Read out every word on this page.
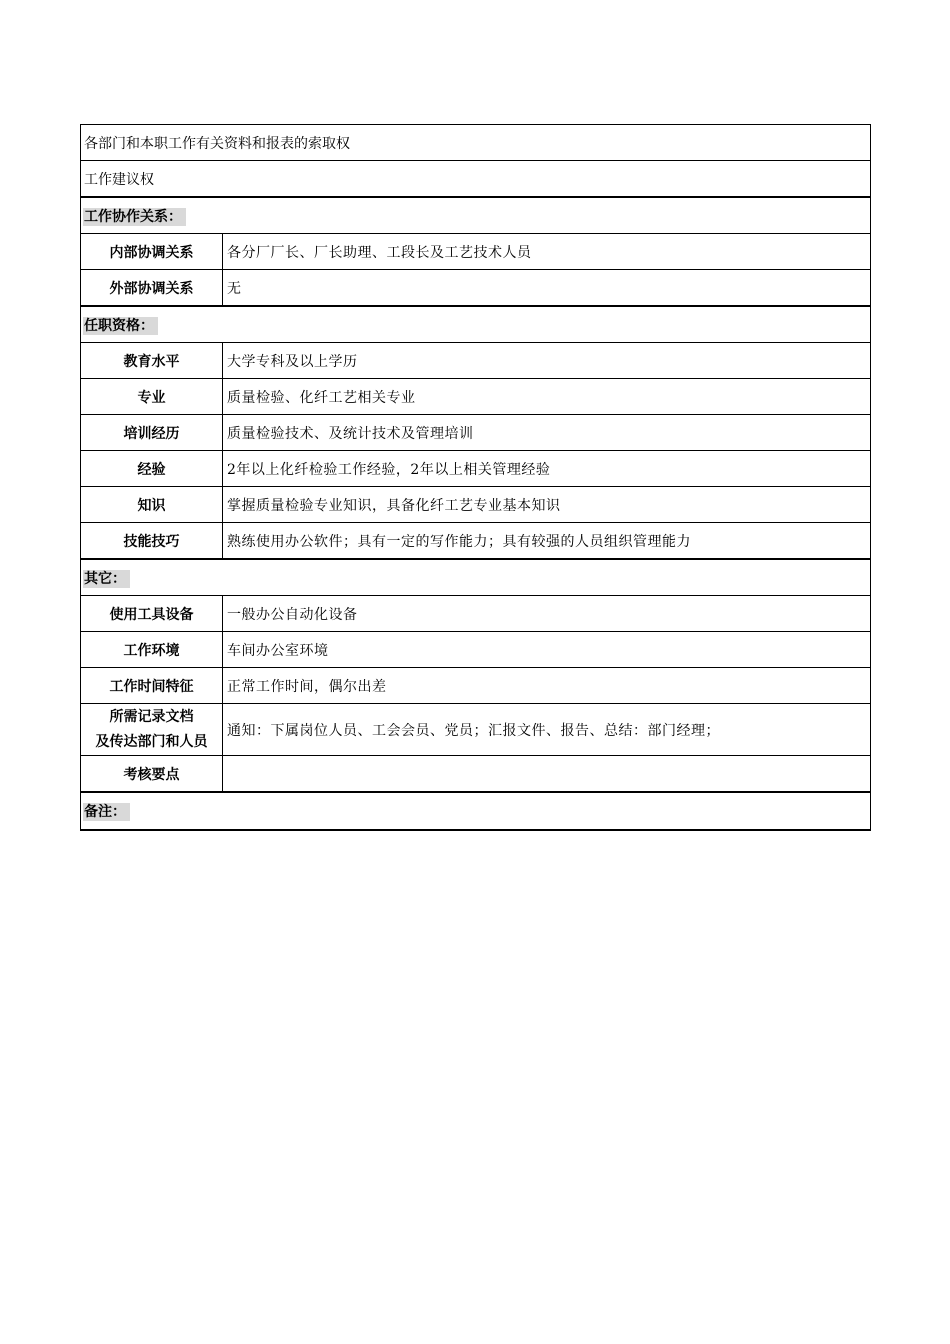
各部门和本职工作有关资料和报表的索取权	
工作建议权	
工作协作关系：	
内部协调关系	各分厂厂长、厂长助理、工段长及工艺技术人员
外部协调关系	无
任职资格：	
教育水平	大学专科及以上学历
专业	质量检验、化纤工艺相关专业
培训经历	质量检验技术、及统计技术及管理培训
经验	2年以上化纤检验工作经验，2年以上相关管理经验
知识	掌握质量检验专业知识，具备化纤工艺专业基本知识
技能技巧	熟练使用办公软件；具有一定的写作能力；具有较强的人员组织管理能力
其它：	
使用工具设备	一般办公自动化设备
工作环境	车间办公室环境
工作时间特征	正常工作时间，偶尔出差

所需记录文档
及传达部门和人员	通知：下属岗位人员、工会会员、党员；汇报文件、报告、总结：部门经理；
考核要点	
备注：	
